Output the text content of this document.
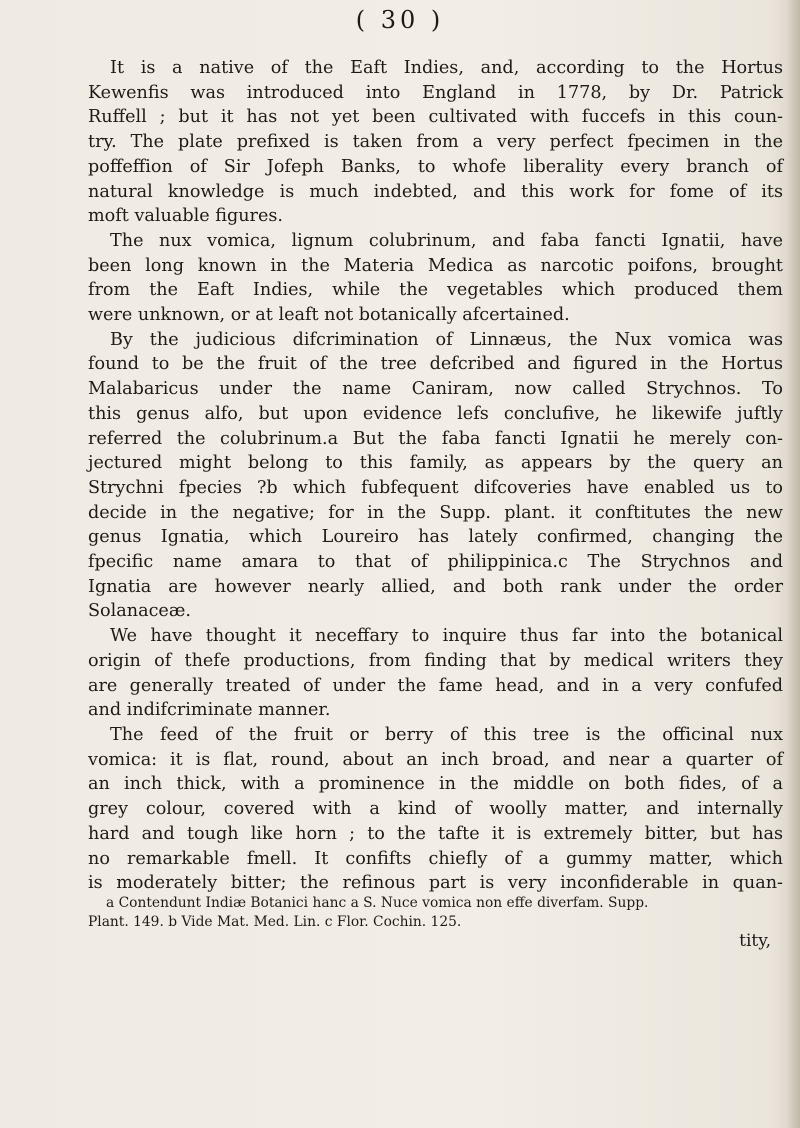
( 30 )
It is a native of the Eaft Indies, and, according to the Hortus
Kewenfis was introduced into England in 1778, by Dr. Patrick
Ruffell ; but it has not yet been cultivated with fuccefs in this coun-
try. The plate prefixed is taken from a very perfect fpecimen in the
poffeffion of Sir Jofeph Banks, to whofe liberality every branch of
natural knowledge is much indebted, and this work for fome of its
moft valuable figures.
The nux vomica, lignum colubrinum, and faba fancti Ignatii, have
been long known in the Materia Medica as narcotic poifons, brought
from the Eaft Indies, while the vegetables which produced them
were unknown, or at leaft not botanically afcertained.
By the judicious difcrimination of Linnæus, the Nux vomica was
found to be the fruit of the tree defcribed and figured in the Hortus
Malabaricus under the name Caniram, now called Strychnos. To
this genus alfo, but upon evidence lefs conclufive, he likewife juftly
referred the colubrinum.a But the faba fancti Ignatii he merely con-
jectured might belong to this family, as appears by the query an
Strychni fpecies ?b which fubfequent difcoveries have enabled us to
decide in the negative; for in the Supp. plant. it conftitutes the new
genus Ignatia, which Loureiro has lately confirmed, changing the
fpecific name amara to that of philippinica.c The Strychnos and
Ignatia are however nearly allied, and both rank under the order
Solanaceæ.
We have thought it neceffary to inquire thus far into the botanical
origin of thefe productions, from finding that by medical writers they
are generally treated of under the fame head, and in a very confufed
and indifcriminate manner.
The feed of the fruit or berry of this tree is the officinal nux
vomica: it is flat, round, about an inch broad, and near a quarter of
an inch thick, with a prominence in the middle on both fides, of a
grey colour, covered with a kind of woolly matter, and internally
hard and tough like horn ; to the tafte it is extremely bitter, but has
no remarkable fmell. It confifts chiefly of a gummy matter, which
is moderately bitter; the refinous part is very inconfiderable in quan-
a Contendunt Indiæ Botanici hanc a S. Nuce vomica non effe diverfam. Supp.
Plant. 149. b Vide Mat. Med. Lin. c Flor. Cochin. 125.
tity,
